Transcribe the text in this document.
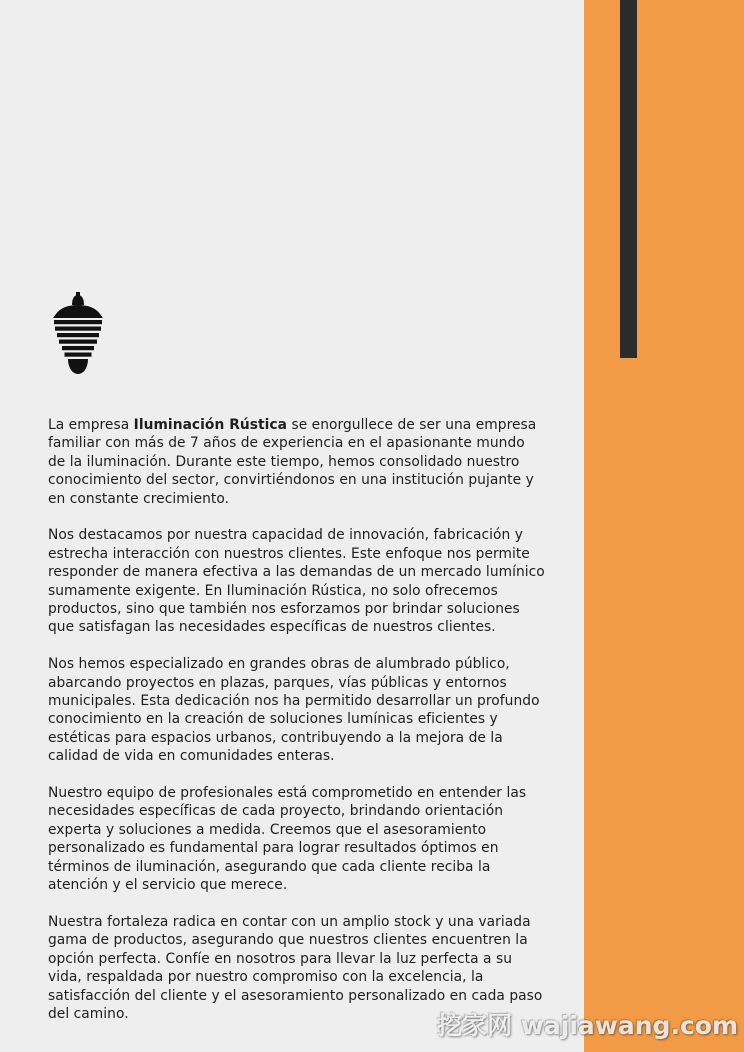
La empresa Iluminación Rústica se enorgullece de ser una empresa familiar con más de 7 años de experiencia en el apasionante mundo de la iluminación. Durante este tiempo, hemos consolidado nuestro conocimiento del sector, convirtiéndonos en una institución pujante y en constante crecimiento.

Nos destacamos por nuestra capacidad de innovación, fabricación y estrecha interacción con nuestros clientes. Este enfoque nos permite responder de manera efectiva a las demandas de un mercado lumínico sumamente exigente. En Iluminación Rústica, no solo ofrecemos productos, sino que también nos esforzamos por brindar soluciones que satisfagan las necesidades específicas de nuestros clientes.

Nos hemos especializado en grandes obras de alumbrado público, abarcando proyectos en plazas, parques, vías públicas y entornos municipales. Esta dedicación nos ha permitido desarrollar un profundo conocimiento en la creación de soluciones lumínicas eficientes y estéticas para espacios urbanos, contribuyendo a la mejora de la calidad de vida en comunidades enteras.

Nuestro equipo de profesionales está comprometido en entender las necesidades específicas de cada proyecto, brindando orientación experta y soluciones a medida. Creemos que el asesoramiento personalizado es fundamental para lograr resultados óptimos en términos de iluminación, asegurando que cada cliente reciba la atención y el servicio que merece.

Nuestra fortaleza radica en contar con un amplio stock y una variada gama de productos, asegurando que nuestros clientes encuentren la opción perfecta. Confíe en nosotros para llevar la luz perfecta a su vida, respaldada por nuestro compromiso con la excelencia, la satisfacción del cliente y el asesoramiento personalizado en cada paso del camino.	挖家网 wajiawang.com
